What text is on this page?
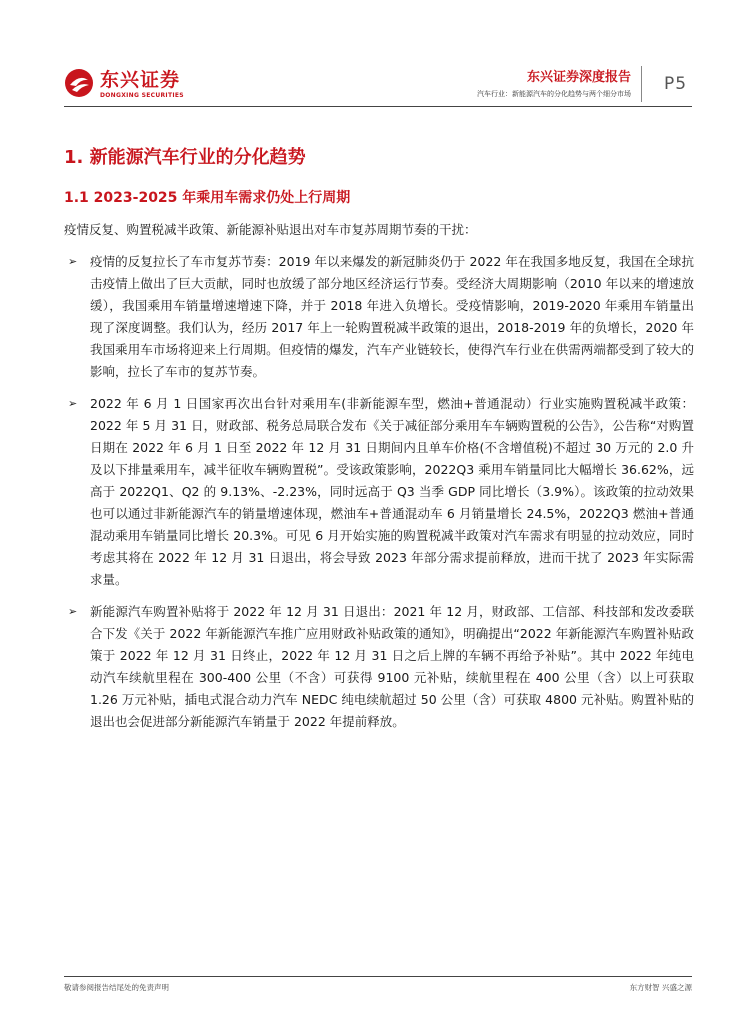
东兴证券
DONGXING SECURITIES
东兴证券深度报告
汽车行业：新能源汽车的分化趋势与两个细分市场 P5
1. 新能源汽车行业的分化趋势
1.1 2023-2025 年乘用车需求仍处上行周期

疫情反复、购置税减半政策、新能源补贴退出对车市复苏周期节奏的干扰：

➢ 疫情的反复拉长了车市复苏节奏：2019 年以来爆发的新冠肺炎仍于 2022 年在我国多地反复，我国在全球抗击疫情上做出了巨大贡献，同时也放缓了部分地区经济运行节奏。受经济大周期影响（2010 年以来的增速放缓），我国乘用车销量增速增速下降，并于 2018 年进入负增长。受疫情影响，2019-2020 年乘用车销量出现了深度调整。我们认为，经历 2017 年上一轮购置税减半政策的退出，2018-2019 年的负增长，2020 年我国乘用车市场将迎来上行周期。但疫情的爆发，汽车产业链较长，使得汽车行业在供需两端都受到了较大的影响，拉长了车市的复苏节奏。
➢ 2022 年 6 月 1 日国家再次出台针对乘用车(非新能源车型，燃油+普通混动）行业实施购置税减半政策：2022 年 5 月 31 日，财政部、税务总局联合发布《关于减征部分乘用车车辆购置税的公告》，公告称“对购置日期在 2022 年 6 月 1 日至 2022 年 12 月 31 日期间内且单车价格(不含增值税)不超过 30 万元的 2.0 升及以下排量乘用车，减半征收车辆购置税”。受该政策影响，2022Q3 乘用车销量同比大幅增长 36.62%，远高于 2022Q1、Q2 的 9.13%、-2.23%，同时远高于 Q3 当季 GDP 同比增长（3.9%）。该政策的拉动效果也可以通过非新能源汽车的销量增速体现，燃油车+普通混动车 6 月销量增长 24.5%，2022Q3 燃油+普通混动乘用车销量同比增长 20.3%。可见 6 月开始实施的购置税减半政策对汽车需求有明显的拉动效应，同时考虑其将在 2022 年 12 月 31 日退出，将会导致 2023 年部分需求提前释放，进而干扰了 2023 年实际需求量。
➢ 新能源汽车购置补贴将于 2022 年 12 月 31 日退出：2021 年 12 月，财政部、工信部、科技部和发改委联合下发《关于 2022 年新能源汽车推广应用财政补贴政策的通知》，明确提出“2022 年新能源汽车购置补贴政策于 2022 年 12 月 31 日终止，2022 年 12 月 31 日之后上牌的车辆不再给予补贴”。其中 2022 年纯电动汽车续航里程在 300-400 公里（不含）可获得 9100 元补贴，续航里程在 400 公里（含）以上可获取 1.26 万元补贴，插电式混合动力汽车 NEDC 纯电续航超过 50 公里（含）可获取 4800 元补贴。购置补贴的退出也会促进部分新能源汽车销量于 2022 年提前释放。
敬请参阅报告结尾处的免责声明	东方财智 兴盛之源
